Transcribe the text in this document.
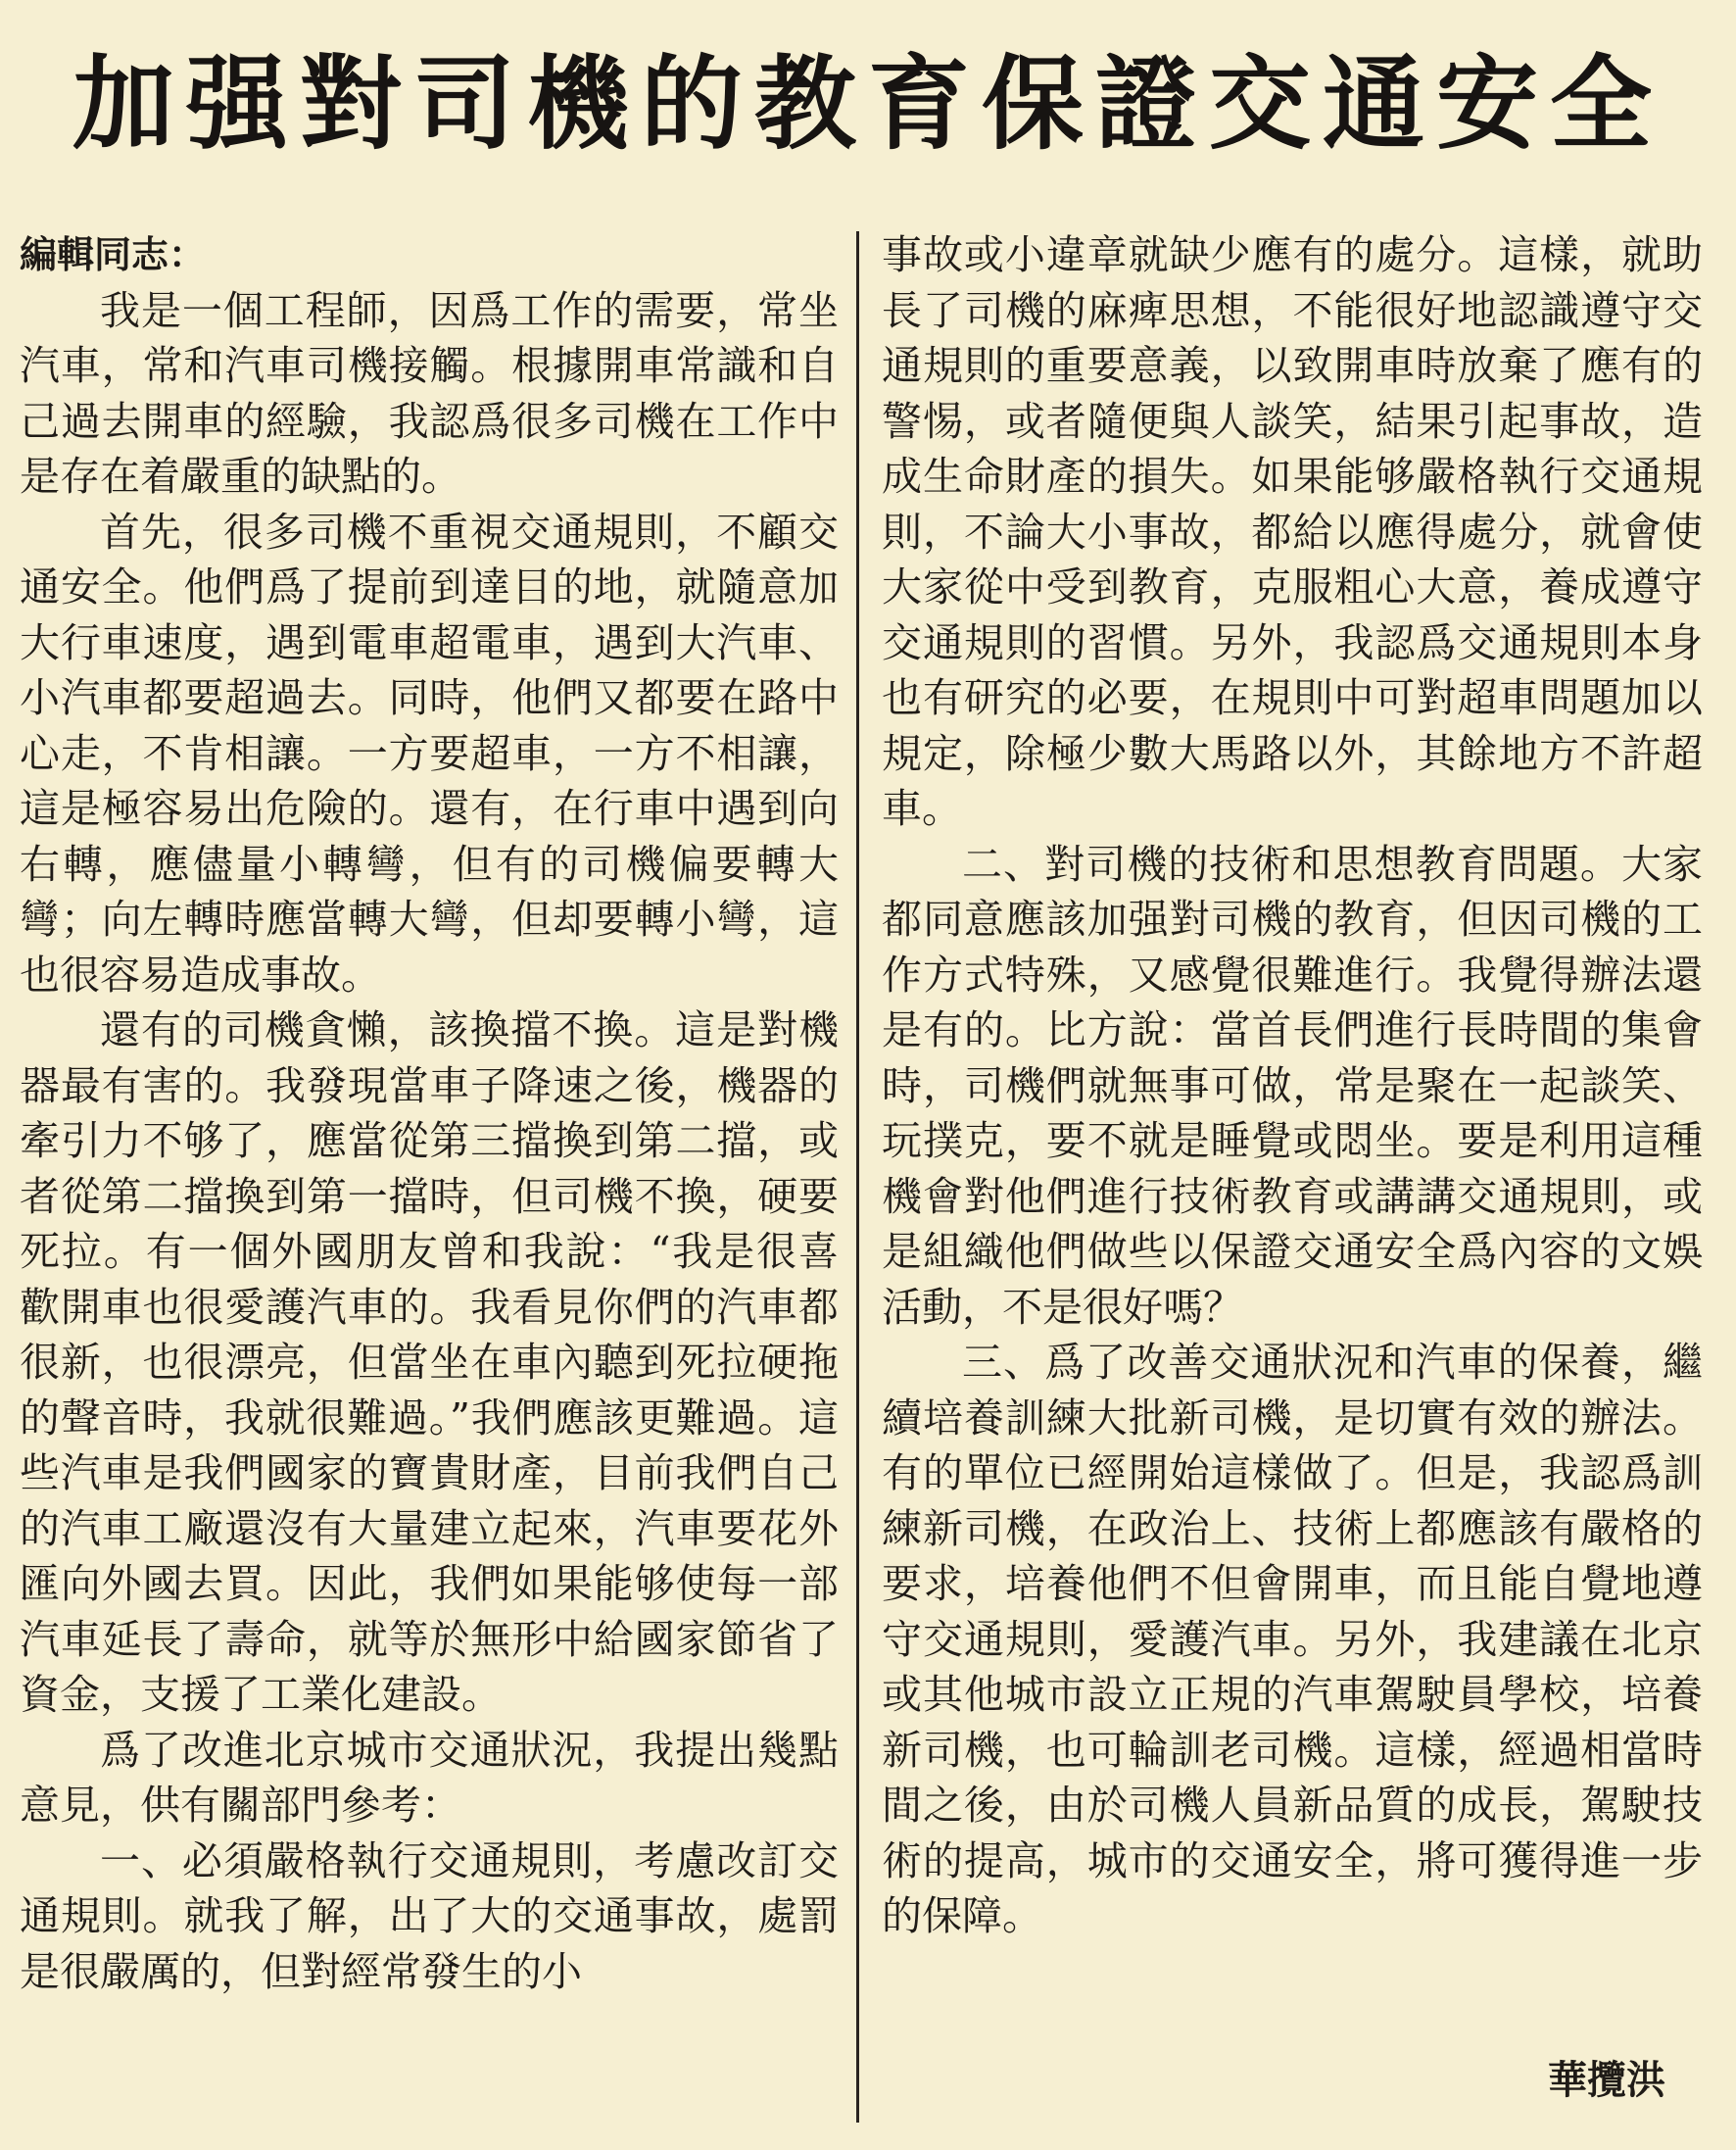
加强對司機的教育保證交通安全

編輯同志：

我是一個工程師，因爲工作的需要，常坐汽車，常和汽車司機接觸。根據開車常識和自己過去開車的經驗，我認爲很多司機在工作中是存在着嚴重的缺點的。

首先，很多司機不重視交通規則，不顧交通安全。他們爲了提前到達目的地，就隨意加大行車速度，遇到電車超電車，遇到大汽車、小汽車都要超過去。同時，他們又都要在路中心走，不肯相讓。一方要超車，一方不相讓，這是極容易出危險的。還有，在行車中遇到向右轉，應儘量小轉彎，但有的司機偏要轉大彎；向左轉時應當轉大彎，但却要轉小彎，這也很容易造成事故。

還有的司機貪懶，該換擋不換。這是對機器最有害的。我發現當車子降速之後，機器的牽引力不够了，應當從第三擋換到第二擋，或者從第二擋換到第一擋時，但司機不換，硬要死拉。有一個外國朋友曾和我說：“我是很喜歡開車也很愛護汽車的。我看見你們的汽車都很新，也很漂亮，但當坐在車內聽到死拉硬拖的聲音時，我就很難過。”我們應該更難過。這些汽車是我們國家的寶貴財產，目前我們自己的汽車工廠還沒有大量建立起來，汽車要花外匯向外國去買。因此，我們如果能够使每一部汽車延長了壽命，就等於無形中給國家節省了資金，支援了工業化建設。

爲了改進北京城市交通狀況，我提出幾點意見，供有關部門參考：

一、必須嚴格執行交通規則，考慮改訂交通規則。就我了解，出了大的交通事故，處罰是很嚴厲的，但對經常發生的小

事故或小違章就缺少應有的處分。這樣，就助長了司機的麻痺思想，不能很好地認識遵守交通規則的重要意義，以致開車時放棄了應有的警惕，或者隨便與人談笑，結果引起事故，造成生命財產的損失。如果能够嚴格執行交通規則，不論大小事故，都給以應得處分，就會使大家從中受到教育，克服粗心大意，養成遵守交通規則的習慣。另外，我認爲交通規則本身也有研究的必要，在規則中可對超車問題加以規定，除極少數大馬路以外，其餘地方不許超車。

二、對司機的技術和思想教育問題。大家都同意應該加强對司機的教育，但因司機的工作方式特殊，又感覺很難進行。我覺得辦法還是有的。比方說：當首長們進行長時間的集會時，司機們就無事可做，常是聚在一起談笑、玩撲克，要不就是睡覺或悶坐。要是利用這種機會對他們進行技術教育或講講交通規則，或是組織他們做些以保證交通安全爲內容的文娛活動，不是很好嗎？

三、爲了改善交通狀況和汽車的保養，繼續培養訓練大批新司機，是切實有效的辦法。有的單位已經開始這樣做了。但是，我認爲訓練新司機，在政治上、技術上都應該有嚴格的要求，培養他們不但會開車，而且能自覺地遵守交通規則，愛護汽車。另外，我建議在北京或其他城市設立正規的汽車駕駛員學校，培養新司機，也可輪訓老司機。這樣，經過相當時間之後，由於司機人員新品質的成長，駕駛技術的提高，城市的交通安全，將可獲得進一步的保障。

華攬洪
